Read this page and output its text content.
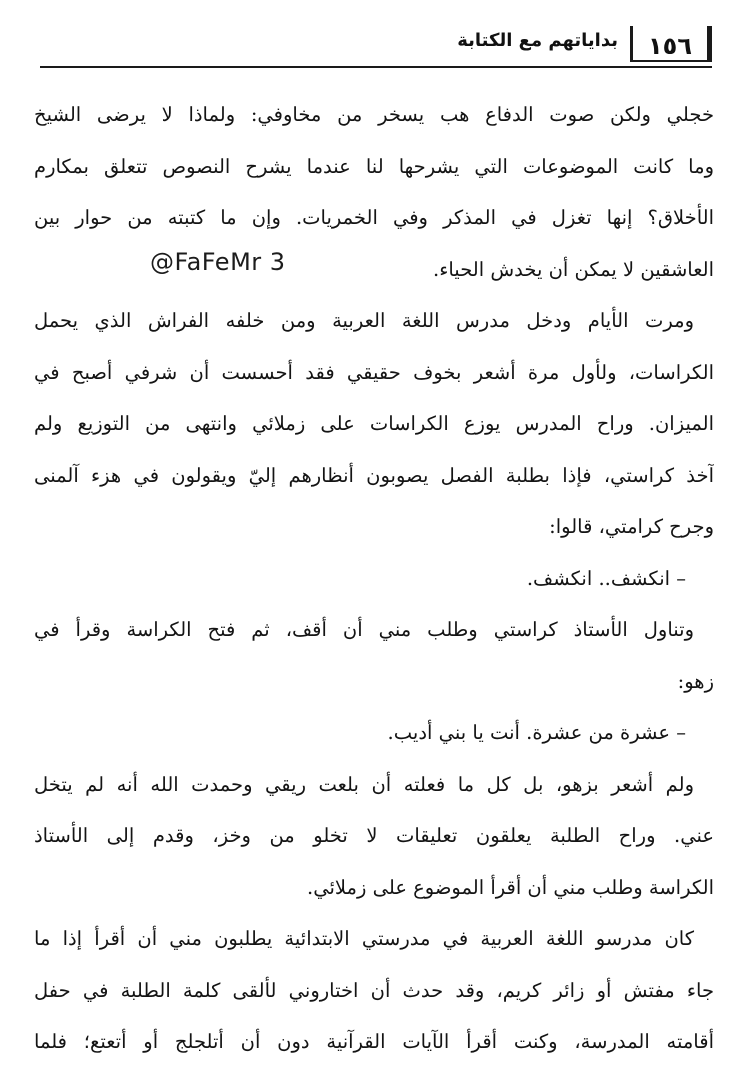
١٥٦
بداياتهم مع الكتابة
خجلي ولكن صوت الدفاع هب يسخر من مخاوفي: ولماذا لا يرضى الشيخ
وما كانت الموضوعات التي يشرحها لنا عندما يشرح النصوص تتعلق بمكارم
الأخلاق؟ إنها تغزل في المذكر وفي الخمريات. وإن ما كتبته من حوار بين
العاشقين لا يمكن أن يخدش الحياء.
ومرت الأيام ودخل مدرس اللغة العربية ومن خلفه الفراش الذي يحمل
الكراسات، ولأول مرة أشعر بخوف حقيقي فقد أحسست أن شرفي أصبح في
الميزان. وراح المدرس يوزع الكراسات على زملائي وانتهى من التوزيع ولم
آخذ كراستي، فإذا بطلبة الفصل يصوبون أنظارهم إليّ ويقولون في هزء آلمنى
وجرح كرامتي، قالوا:
– انكشف.. انكشف.
وتناول الأستاذ كراستي وطلب مني أن أقف، ثم فتح الكراسة وقرأ في
زهو:
– عشرة من عشرة. أنت يا بني أديب.
ولم أشعر بزهو، بل كل ما فعلته أن بلعت ريقي وحمدت الله أنه لم يتخل
عني. وراح الطلبة يعلقون تعليقات لا تخلو من وخز، وقدم إلى الأستاذ
الكراسة وطلب مني أن أقرأ الموضوع على زملائي.
كان مدرسو اللغة العربية في مدرستي الابتدائية يطلبون مني أن أقرأ إذا ما
جاء مفتش أو زائر كريم، وقد حدث أن اختاروني لألقى كلمة الطلبة في حفل
أقامته المدرسة، وكنت أقرأ الآيات القرآنية دون أن أتلجلج أو أتعتع؛ فلما
@FaFeMr 3
